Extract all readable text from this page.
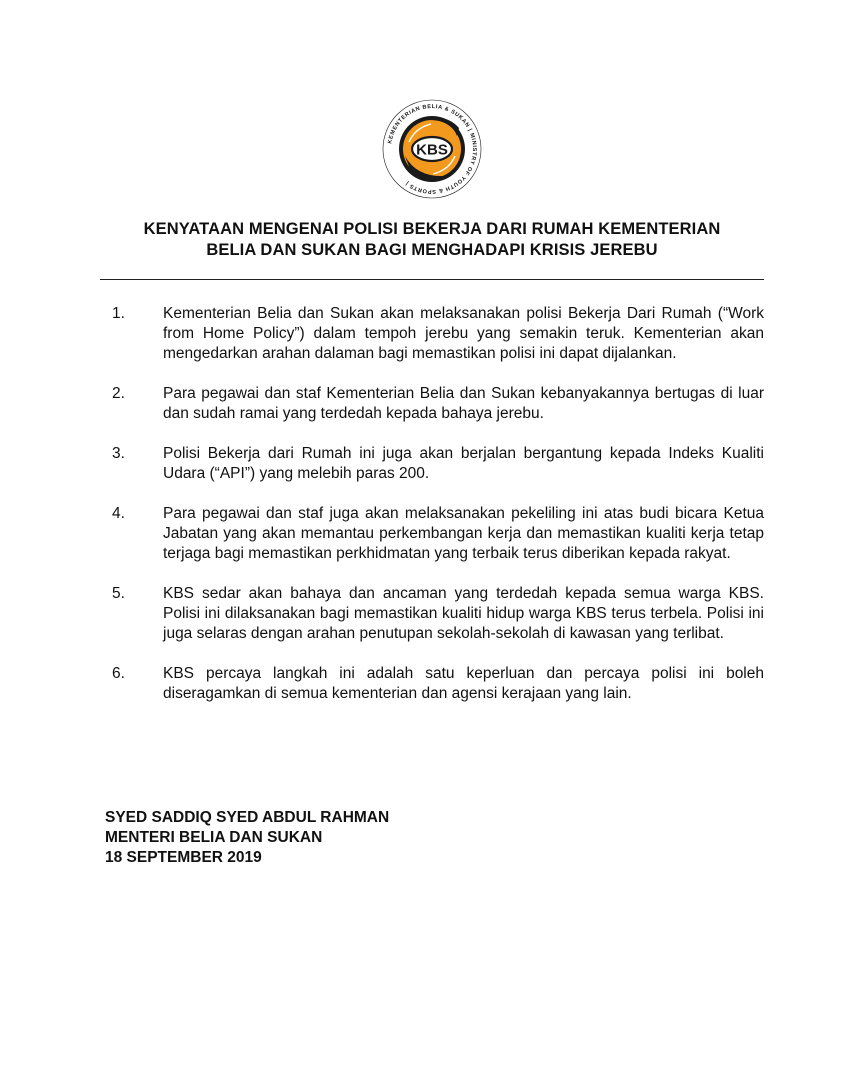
KEMENTERIAN BELIA & SUKAN | MINISTRY OF YOUTH & SPORTS |
KBS
KENYATAAN MENGENAI POLISI BEKERJA DARI RUMAH KEMENTERIAN
BELIA DAN SUKAN BAGI MENGHADAPI KRISIS JEREBU
1. Kementerian Belia dan Sukan akan melaksanakan polisi Bekerja Dari Rumah (“Work from Home Policy”) dalam tempoh jerebu yang semakin teruk. Kementerian akan mengedarkan arahan dalaman bagi memastikan polisi ini dapat dijalankan.
2. Para pegawai dan staf Kementerian Belia dan Sukan kebanyakannya bertugas di luar dan sudah ramai yang terdedah kepada bahaya jerebu.
3. Polisi Bekerja dari Rumah ini juga akan berjalan bergantung kepada Indeks Kualiti Udara (“API”) yang melebih paras 200.
4. Para pegawai dan staf juga akan melaksanakan pekeliling ini atas budi bicara Ketua Jabatan yang akan memantau perkembangan kerja dan memastikan kualiti kerja tetap terjaga bagi memastikan perkhidmatan yang terbaik terus diberikan kepada rakyat.
5. KBS sedar akan bahaya dan ancaman yang terdedah kepada semua warga KBS. Polisi ini dilaksanakan bagi memastikan kualiti hidup warga KBS terus terbela. Polisi ini juga selaras dengan arahan penutupan sekolah-sekolah di kawasan yang terlibat.
6. KBS percaya langkah ini adalah satu keperluan dan percaya polisi ini boleh diseragamkan di semua kementerian dan agensi kerajaan yang lain.
SYED SADDIQ SYED ABDUL RAHMAN
MENTERI BELIA DAN SUKAN
18 SEPTEMBER 2019
